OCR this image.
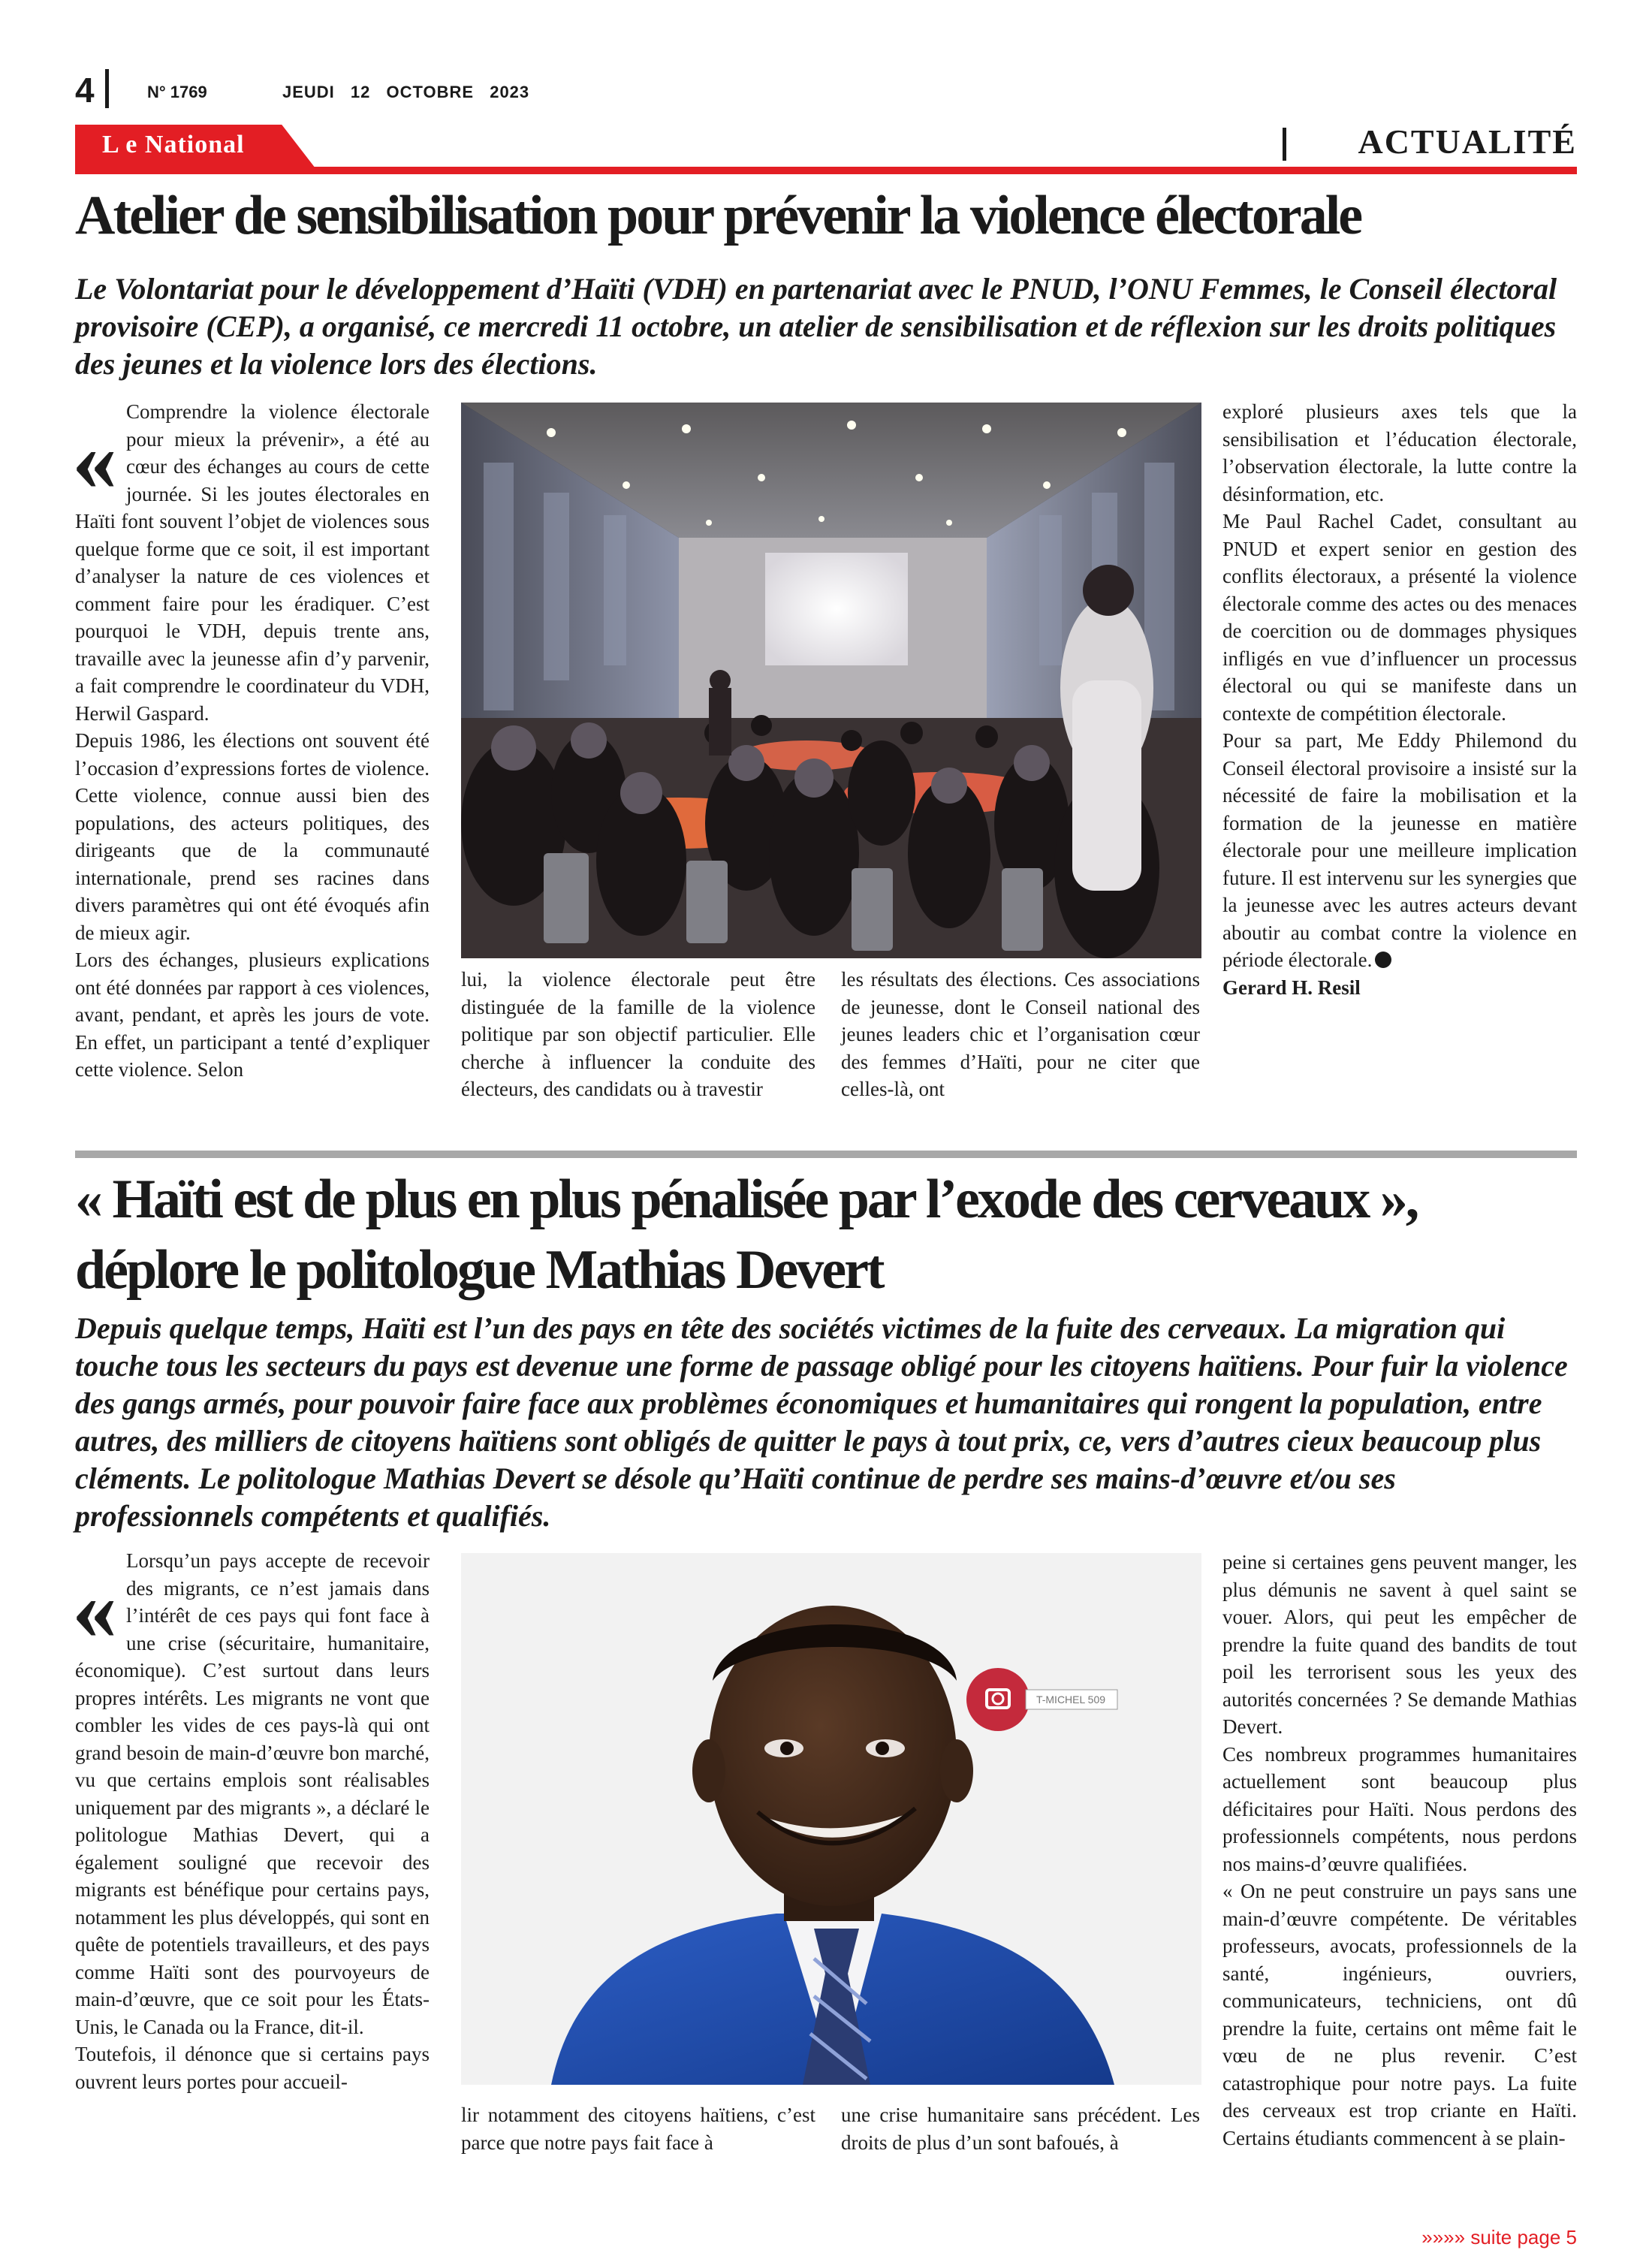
4	N° 1769	JEUDI 12 OCTOBRE 2023
L e National	ACTUALITÉ
Atelier de sensibilisation pour prévenir la violence électorale

Le Volontariat pour le développement d’Haïti (VDH) en partenariat avec le PNUD, l’ONU Femmes, le Conseil électoral provisoire (CEP), a organisé, ce mercredi 11 octobre, un atelier de sensibilisation et de réflexion sur les droits politiques des jeunes et la violence lors des élections.

« Comprendre la violence électorale pour mieux la prévenir», a été au cœur des échanges au cours de cette journée. Si les joutes électorales en Haïti font souvent l’objet de violences sous quelque forme que ce soit, il est important d’analyser la nature de ces violences et comment faire pour les éradiquer. C’est pourquoi le VDH, depuis trente ans, travaille avec la jeunesse afin d’y parvenir, a fait comprendre le coordinateur du VDH, Herwil Gaspard.

Depuis 1986, les élections ont souvent été l’occasion d’expressions fortes de violence. Cette violence, connue aussi bien des populations, des acteurs politiques, des dirigeants que de la communauté internationale, prend ses racines dans divers paramètres qui ont été évoqués afin de mieux agir.

Lors des échanges, plusieurs explications ont été données par rapport à ces violences, avant, pendant, et après les jours de vote. En effet, un participant a tenté d’expliquer cette violence. Selon

lui, la violence électorale peut être distinguée de la famille de la violence politique par son objectif particulier. Elle cherche à influencer la conduite des électeurs, des candidats ou à travestir

les résultats des élections. Ces associations de jeunesse, dont le Conseil national des jeunes leaders chic et l’organisation cœur des femmes d’Haïti, pour ne citer que celles-là, ont

exploré plusieurs axes tels que la sensibilisation et l’éducation électorale, l’observation électorale, la lutte contre la désinformation, etc.

Me Paul Rachel Cadet, consultant au PNUD et expert senior en gestion des conflits électoraux, a présenté la violence électorale comme des actes ou des menaces de coercition ou de dommages physiques infligés en vue d’influencer un processus électoral ou qui se manifeste dans un contexte de compétition électorale.

Pour sa part, Me Eddy Philemond du Conseil électoral provisoire a insisté sur la nécessité de faire la mobilisation et la formation de la jeunesse en matière électorale pour une meilleure implication future. Il est intervenu sur les synergies que la jeunesse avec les autres acteurs devant aboutir au combat contre la violence en période électorale.

Gerard H. Resil

« Haïti est de plus en plus pénalisée par l’exode des cerveaux »,
déplore le politologue Mathias Devert

Depuis quelque temps, Haïti est l’un des pays en tête des sociétés victimes de la fuite des cerveaux. La migration qui touche tous les secteurs du pays est devenue une forme de passage obligé pour les citoyens haïtiens. Pour fuir la violence des gangs armés, pour pouvoir faire face aux problèmes économiques et humanitaires qui rongent la population, entre autres, des milliers de citoyens haïtiens sont obligés de quitter le pays à tout prix, ce, vers d’autres cieux beaucoup plus cléments. Le politologue Mathias Devert se désole qu’Haïti continue de perdre ses mains-d’œuvre et/ou ses professionnels compétents et qualifiés.

« Lorsqu’un pays accepte de recevoir des migrants, ce n’est jamais dans l’intérêt de ces pays qui font face à une crise (sécuritaire, humanitaire, économique). C’est surtout dans leurs propres intérêts. Les migrants ne vont que combler les vides de ces pays-là qui ont grand besoin de main-d’œuvre bon marché, vu que certains emplois sont réalisables uniquement par des migrants », a déclaré le politologue Mathias Devert, qui a également souligné que recevoir des migrants est bénéfique pour certains pays, notamment les plus développés, qui sont en quête de potentiels travailleurs, et des pays comme Haïti sont des pourvoyeurs de main-d’œuvre, que ce soit pour les États-Unis, le Canada ou la France, dit-il.

Toutefois, il dénonce que si certains pays ouvrent leurs portes pour accueil-

T-MICHEL 509

lir notamment des citoyens haïtiens, c’est parce que notre pays fait face à

une crise humanitaire sans précédent. Les droits de plus d’un sont bafoués, à

peine si certaines gens peuvent manger, les plus démunis ne savent à quel saint se vouer. Alors, qui peut les empêcher de prendre la fuite quand des bandits de tout poil les terrorisent sous les yeux des autorités concernées ? Se demande Mathias Devert.

Ces nombreux programmes humanitaires actuellement sont beaucoup plus déficitaires pour Haïti. Nous perdons des professionnels compétents, nous perdons nos mains-d’œuvre qualifiées.

« On ne peut construire un pays sans une main-d’œuvre compétente. De véritables professeurs, avocats, professionnels de la santé, ingénieurs, ouvriers, communicateurs, techniciens, ont dû prendre la fuite, certains ont même fait le vœu de ne plus revenir. C’est catastrophique pour notre pays. La fuite des cerveaux est trop criante en Haïti. Certains étudiants commencent à se plain-

»»»» suite page 5
